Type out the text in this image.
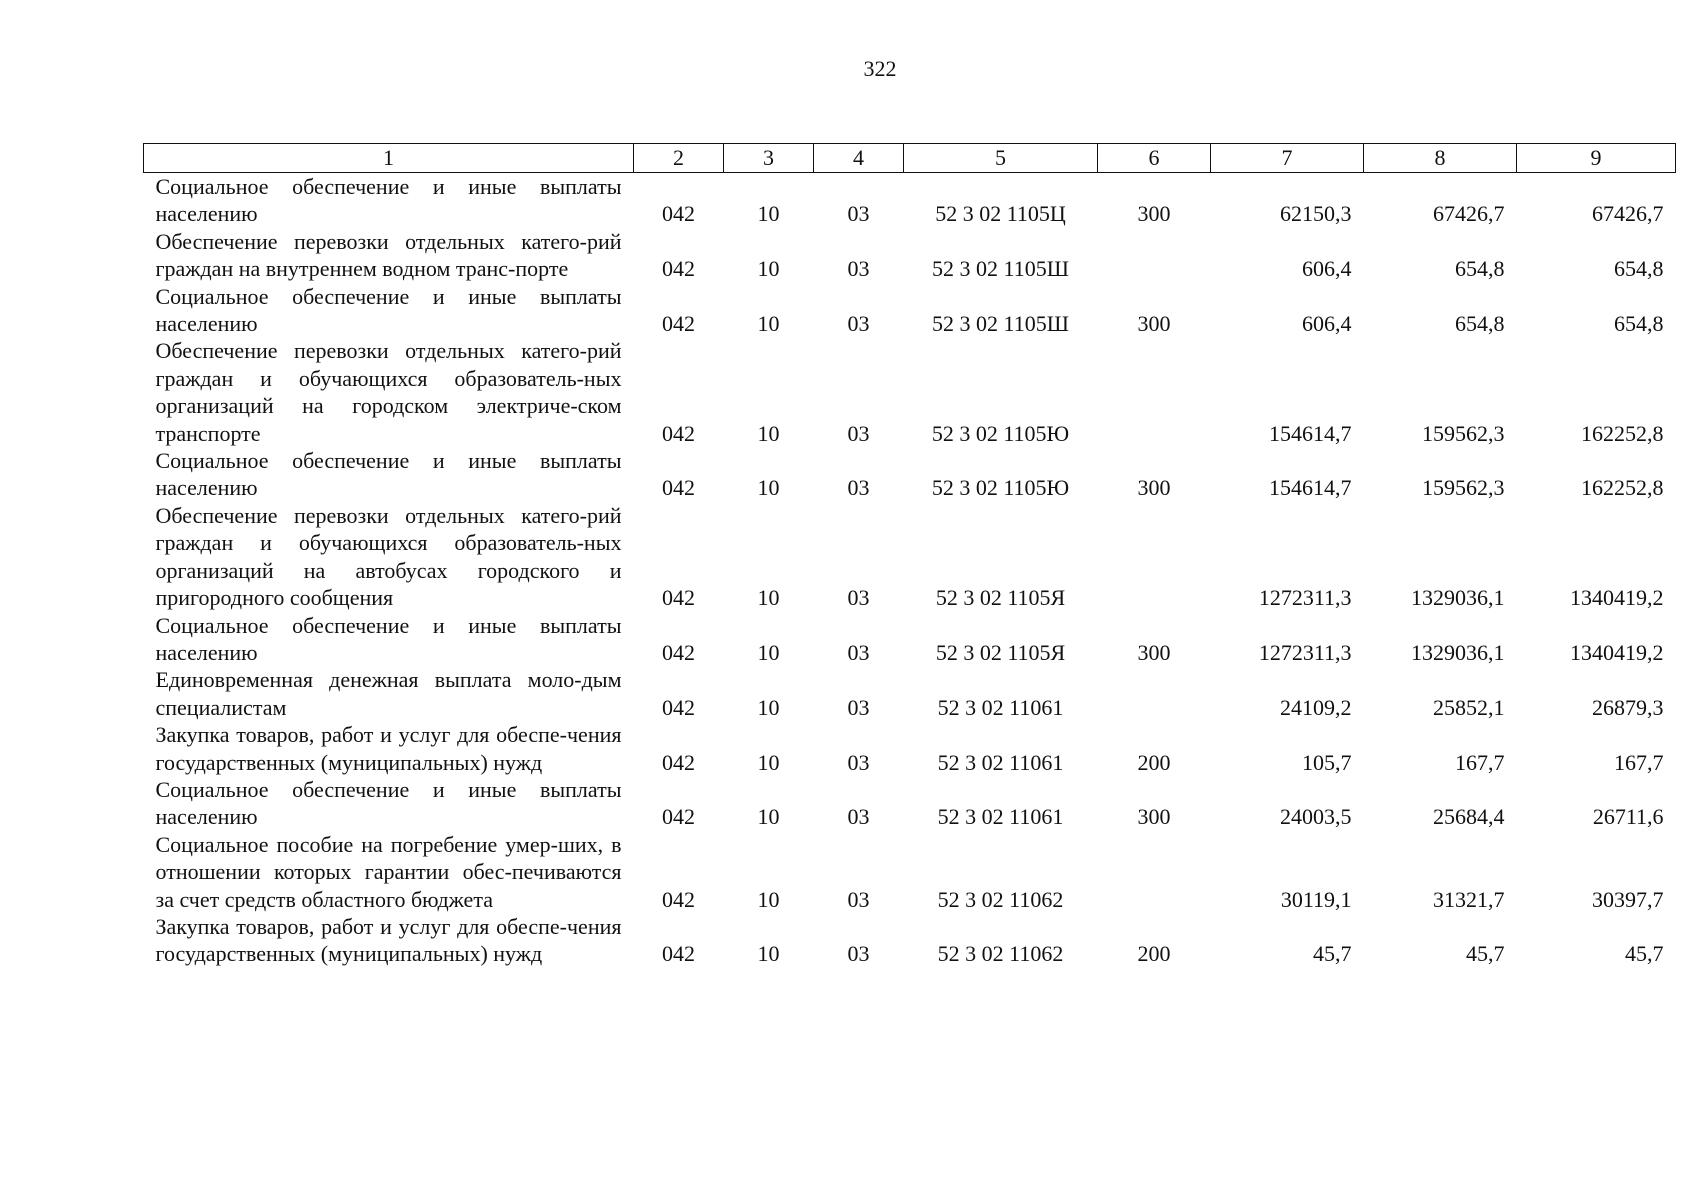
322
1	2	3	4	5	6	7	8	9
Социальное обеспечение и иные выплаты населению	042	10	03	52 3 02 1105Ц	300	62150,3	67426,7	67426,7
Обеспечение перевозки отдельных катего-рий граждан на внутреннем водном транс-порте	042	10	03	52 3 02 1105Ш		606,4	654,8	654,8
Социальное обеспечение и иные выплаты населению	042	10	03	52 3 02 1105Ш	300	606,4	654,8	654,8
Обеспечение перевозки отдельных катего-рий граждан и обучающихся образователь-ных организаций на городском электриче-ском транспорте	042	10	03	52 3 02 1105Ю		154614,7	159562,3	162252,8
Социальное обеспечение и иные выплаты населению	042	10	03	52 3 02 1105Ю	300	154614,7	159562,3	162252,8
Обеспечение перевозки отдельных катего-рий граждан и обучающихся образователь-ных организаций на автобусах городского и пригородного сообщения	042	10	03	52 3 02 1105Я		1272311,3	1329036,1	1340419,2
Социальное обеспечение и иные выплаты населению	042	10	03	52 3 02 1105Я	300	1272311,3	1329036,1	1340419,2
Единовременная денежная выплата моло-дым специалистам	042	10	03	52 3 02 11061		24109,2	25852,1	26879,3
Закупка товаров, работ и услуг для обеспе-чения государственных (муниципальных) нужд	042	10	03	52 3 02 11061	200	105,7	167,7	167,7
Социальное обеспечение и иные выплаты населению	042	10	03	52 3 02 11061	300	24003,5	25684,4	26711,6
Социальное пособие на погребение умер-ших, в отношении которых гарантии обес-печиваются за счет средств областного бюджета	042	10	03	52 3 02 11062		30119,1	31321,7	30397,7
Закупка товаров, работ и услуг для обеспе-чения государственных (муниципальных) нужд	042	10	03	52 3 02 11062	200	45,7	45,7	45,7
